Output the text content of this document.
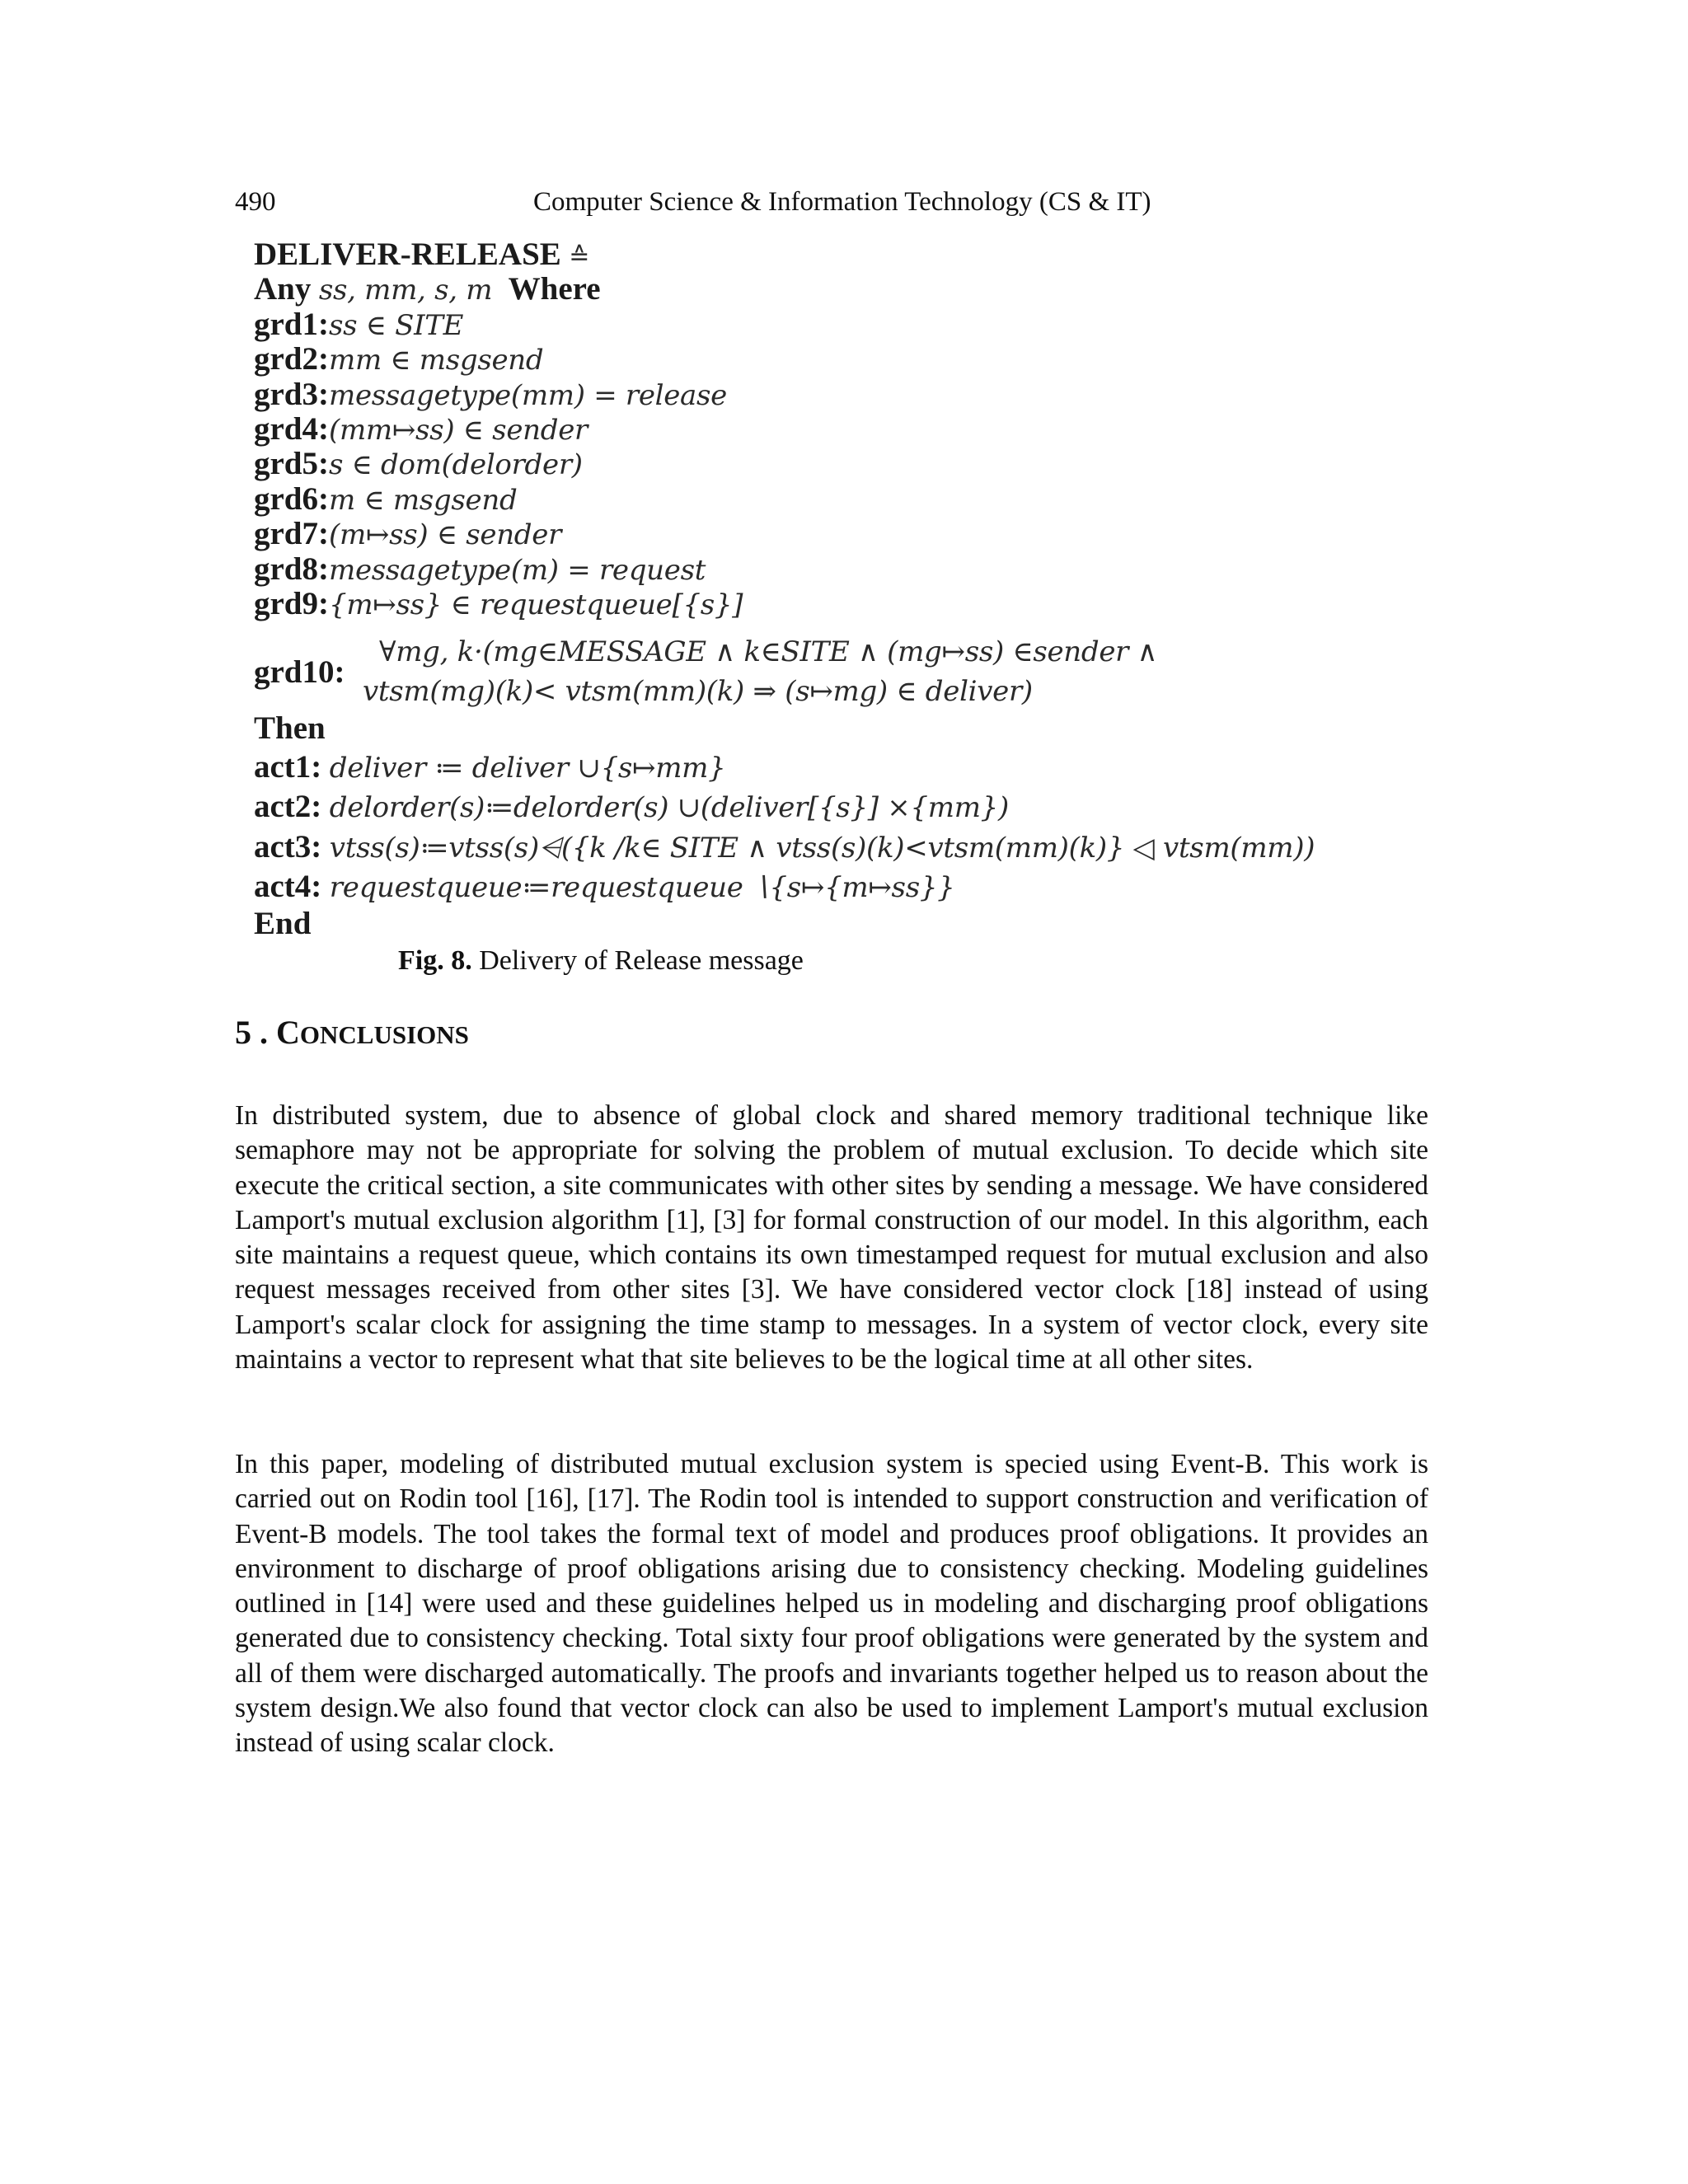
490	Computer Science & Information Technology (CS & IT)
DELIVER-RELEASE ≙
Any ss, mm, s, m Where
grd1:ss ∈ SITE
grd2:mm ∈ msgsend
grd3:messagetype(mm) = release
grd4:(mm↦ss) ∈ sender
grd5:s ∈ dom(delorder)
grd6:m ∈ msgsend
grd7:(m↦ss) ∈ sender
grd8:messagetype(m) = request
grd9:{m↦ss} ∈ requestqueue[{s}]
grd10:
∀mg, k·(mg∈MESSAGE ∧ k∈SITE ∧ (mg↦ss) ∈sender ∧
vtsm(mg)(k)< vtsm(mm)(k) ⇒ (s↦mg) ∈ deliver)
Then
act1: deliver ≔ deliver ∪{s↦mm}
act2: delorder(s)≔delorder(s) ∪(deliver[{s}] ×{mm})
act3: vtss(s)≔vtss(s)⩤({k /k∈ SITE ∧ vtss(s)(k)<vtsm(mm)(k)} ◁ vtsm(mm))
act4: requestqueue≔requestqueue ∖{s↦{m↦ss}}
End
Fig. 8. Delivery of Release message
5 . CONCLUSIONS

In distributed system, due to absence of global clock and shared memory traditional technique like semaphore may not be appropriate for solving the problem of mutual exclusion. To decide which site execute the critical section, a site communicates with other sites by sending a message. We have considered Lamport's mutual exclusion algorithm [1], [3] for formal construction of our model. In this algorithm, each site maintains a request queue, which contains its own timestamped request for mutual exclusion and also request messages received from other sites [3]. We have considered vector clock [18] instead of using Lamport's scalar clock for assigning the time stamp to messages. In a system of vector clock, every site maintains a vector to represent what that site believes to be the logical time at all other sites.

In this paper, modeling of distributed mutual exclusion system is specied using Event-B. This work is carried out on Rodin tool [16], [17]. The Rodin tool is intended to support construction and verification of Event-B models. The tool takes the formal text of model and produces proof obligations. It provides an environment to discharge of proof obligations arising due to consistency checking. Modeling guidelines outlined in [14] were used and these guidelines helped us in modeling and discharging proof obligations generated due to consistency checking. Total sixty four proof obligations were generated by the system and all of them were discharged automatically. The proofs and invariants together helped us to reason about the system design.We also found that vector clock can also be used to implement Lamport's mutual exclusion instead of using scalar clock.
